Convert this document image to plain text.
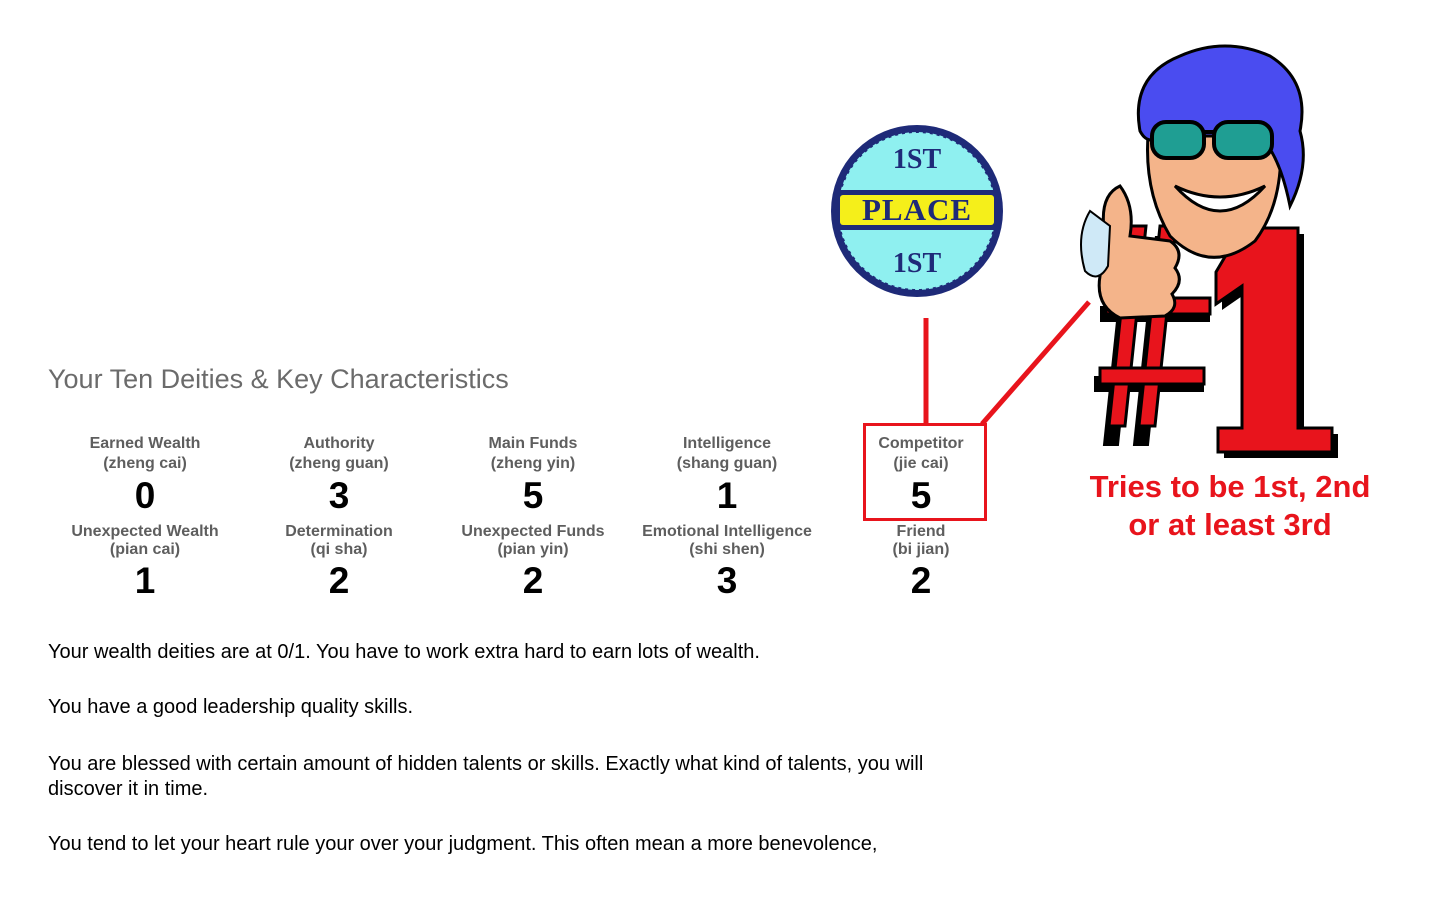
Your Ten Deities & Key Characteristics
Earned Wealth
(zheng cai)
0
Authority
(zheng guan)
3
Main Funds
(zheng yin)
5
Intelligence
(shang guan)
1
Competitor
(jie cai)
5
Unexpected Wealth
(pian cai)
1
Determination
(qi sha)
2
Unexpected Funds
(pian yin)
2
Emotional Intelligence
(shi shen)
3
Friend
(bi jian)
2
1ST
PLACE
1ST
#1
Tries to be 1st, 2nd
or at least 3rd

Your wealth deities are at 0/1. You have to work extra hard to earn lots of wealth.

You have a good leadership quality skills.

You are blessed with certain amount of hidden talents or skills. Exactly what kind of talents, you will discover it in time.

You tend to let your heart rule your over your judgment. This often mean a more benevolence,
